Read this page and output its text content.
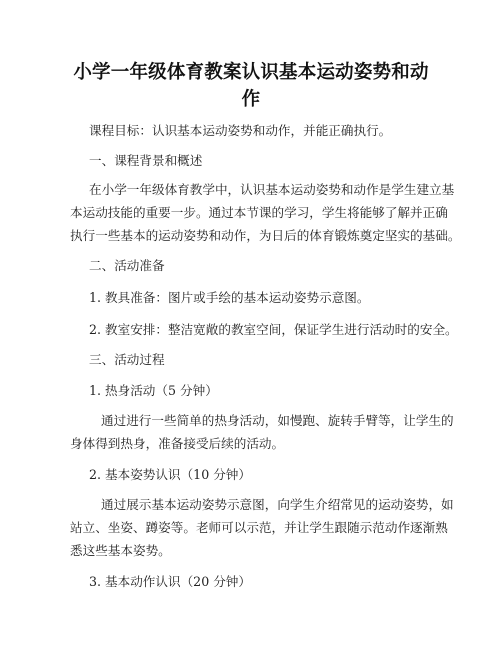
小学一年级体育教案认识基本运动姿势和动
作
课程目标：认识基本运动姿势和动作，并能正确执行。
一、课程背景和概述
在小学一年级体育教学中，认识基本运动姿势和动作是学生建立基
本运动技能的重要一步。通过本节课的学习，学生将能够了解并正确
执行一些基本的运动姿势和动作，为日后的体育锻炼奠定坚实的基础。
二、活动准备
1. 教具准备：图片或手绘的基本运动姿势示意图。
2. 教室安排：整洁宽敞的教室空间，保证学生进行活动时的安全。
三、活动过程
1. 热身活动（5 分钟）
通过进行一些简单的热身活动，如慢跑、旋转手臂等，让学生的
身体得到热身，准备接受后续的活动。
2. 基本姿势认识（10 分钟）
通过展示基本运动姿势示意图，向学生介绍常见的运动姿势，如
站立、坐姿、蹲姿等。老师可以示范，并让学生跟随示范动作逐渐熟
悉这些基本姿势。
3. 基本动作认识（20 分钟）
